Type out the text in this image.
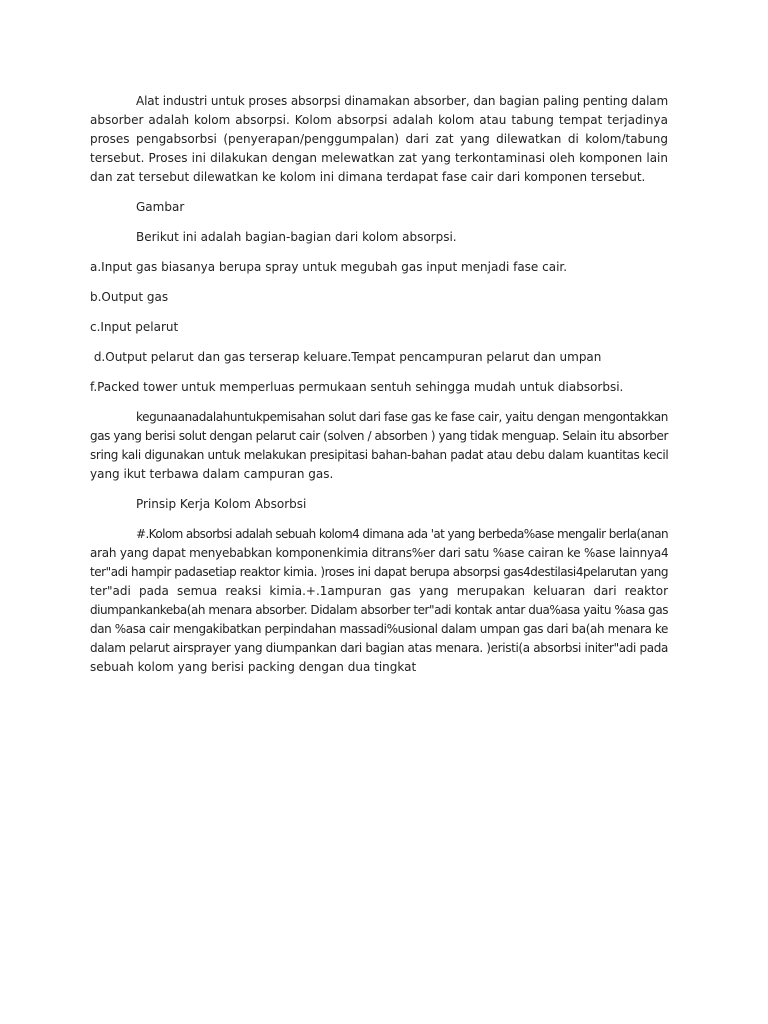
Alat industri untuk proses absorpsi dinamakan absorber, dan bagian paling penting dalam
absorber adalah kolom absorpsi. Kolom absorpsi adalah kolom atau tabung tempat terjadinya
proses pengabsorbsi (penyerapan/penggumpalan) dari zat yang dilewatkan di kolom/tabung
tersebut. Proses ini dilakukan dengan melewatkan zat yang terkontaminasi oleh komponen lain
dan zat tersebut dilewatkan ke kolom ini dimana terdapat fase cair dari komponen tersebut.

Gambar

Berikut ini adalah bagian-bagian dari kolom absorpsi.

a.Input gas biasanya berupa spray untuk megubah gas input menjadi fase cair.

b.Output gas

c.Input pelarut

d.Output pelarut dan gas terserap keluare.Tempat pencampuran pelarut dan umpan

f.Packed tower untuk memperluas permukaan sentuh sehingga mudah untuk diabsorbsi.

kegunaanadalahuntukpemisahan solut dari fase gas ke fase cair, yaitu dengan mengontakkan
gas yang berisi solut dengan pelarut cair (solven / absorben ) yang tidak menguap. Selain itu absorber
sring kali digunakan untuk melakukan presipitasi bahan-bahan padat atau debu dalam kuantitas kecil
yang ikut terbawa dalam campuran gas.

Prinsip Kerja Kolom Absorbsi

#.Kolom absorbsi adalah sebuah kolom4 dimana ada 'at yang berbeda%ase mengalir berla(anan
arah yang dapat menyebabkan komponenkimia ditrans%er dari satu %ase cairan ke %ase lainnya4
ter"adi hampir padasetiap reaktor kimia. )roses ini dapat berupa absorpsi gas4destilasi4pelarutan yang
ter"adi pada semua reaksi kimia.+.1ampuran gas yang merupakan keluaran dari reaktor
diumpankankeba(ah menara absorber. Didalam absorber ter"adi kontak antar dua%asa yaitu %asa gas
dan %asa cair mengakibatkan perpindahan massadi%usional dalam umpan gas dari ba(ah menara ke
dalam pelarut airsprayer yang diumpankan dari bagian atas menara. )eristi(a absorbsi initer"adi pada
sebuah kolom yang berisi packing dengan dua tingkat
